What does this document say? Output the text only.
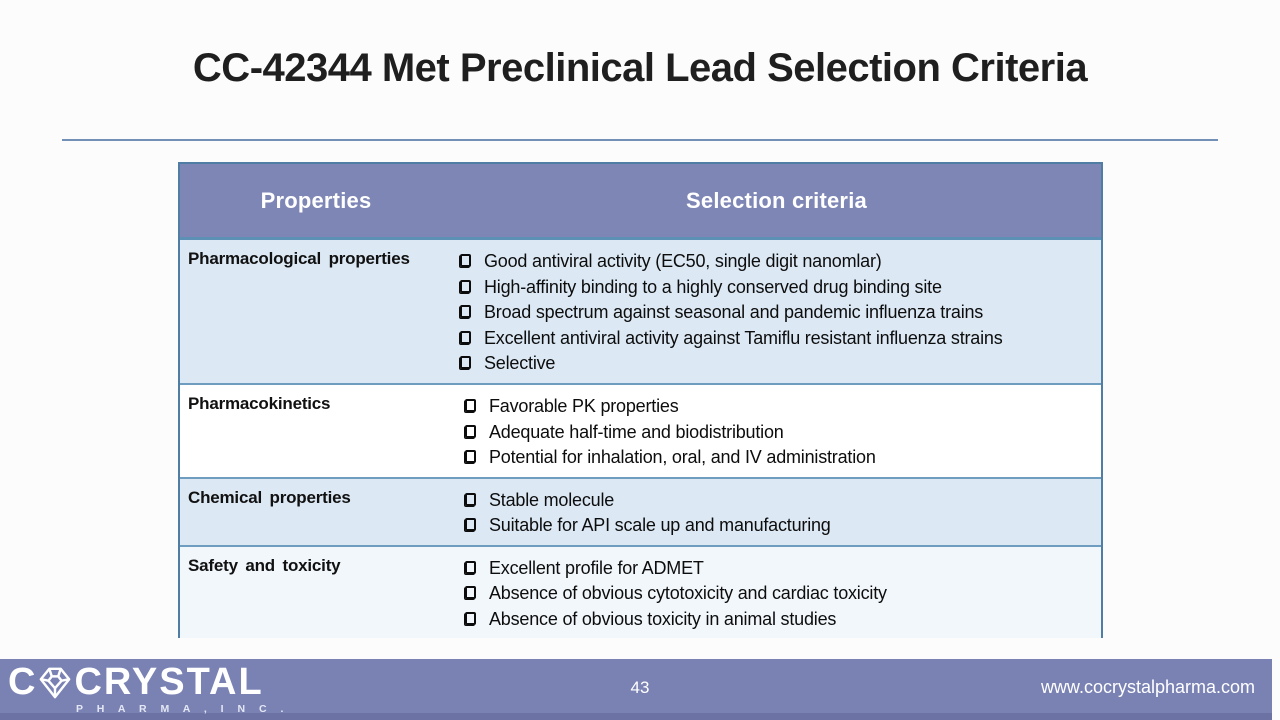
CC-42344 Met Preclinical Lead Selection Criteria
Properties	Selection criteria
Pharmacological properties	Good antiviral activity (EC50, single digit nanomlar)
High-affinity binding to a highly conserved drug binding site
Broad spectrum against seasonal and pandemic influenza trains
Excellent antiviral activity against Tamiflu resistant influenza strains
Selective
Pharmacokinetics	Favorable PK properties
Adequate half-time and biodistribution
Potential for inhalation, oral, and IV administration
Chemical properties	Stable molecule
Suitable for API scale up and manufacturing
Safety and toxicity	Excellent profile for ADMET
Absence of obvious cytotoxicity and cardiac toxicity
Absence of obvious toxicity in animal studies
C CRYSTAL
P H A R M A , I N C .
43	www.cocrystalpharma.com
